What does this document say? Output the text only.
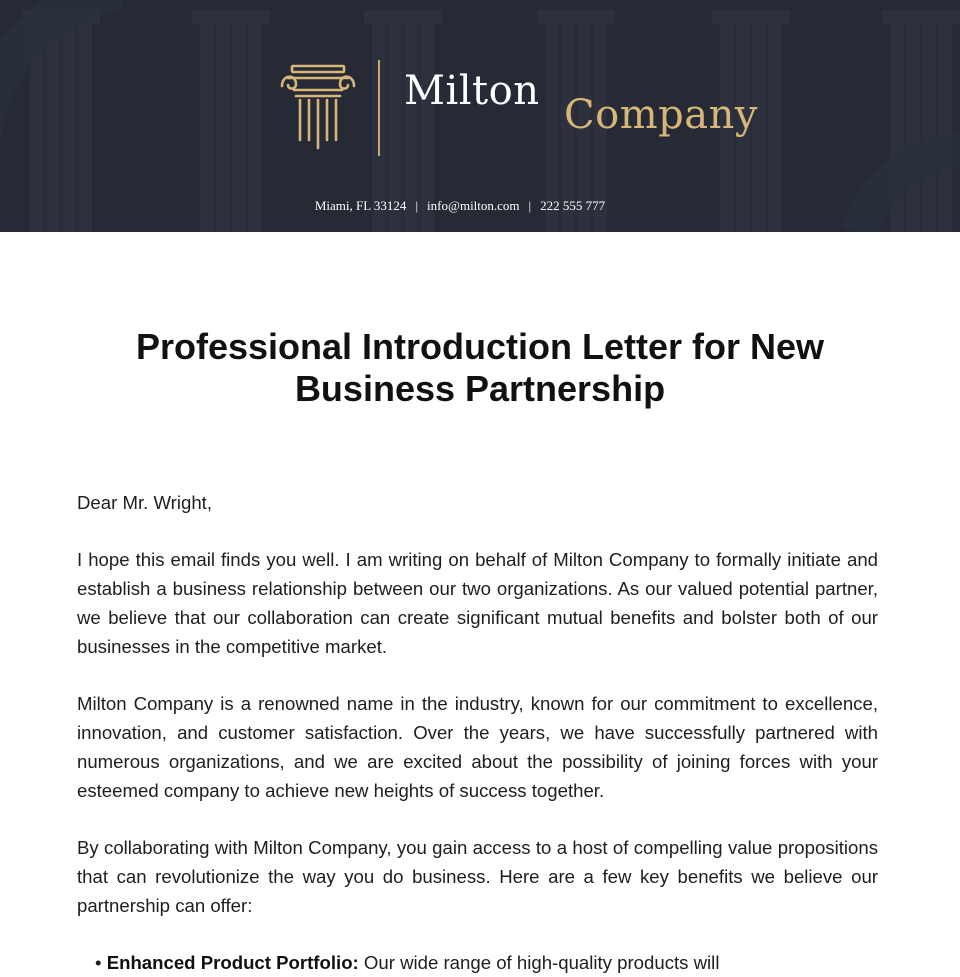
Milton
Company
Miami, FL 33124 | info@milton.com | 222 555 777
Professional Introduction Letter for New Business Partnership

Dear Mr. Wright,

I hope this email finds you well. I am writing on behalf of Milton Company to formally initiate and establish a business relationship between our two organizations. As our valued potential partner, we believe that our collaboration can create significant mutual benefits and bolster both of our businesses in the competitive market.

Milton Company is a renowned name in the industry, known for our commitment to excellence, innovation, and customer satisfaction. Over the years, we have successfully partnered with numerous organizations, and we are excited about the possibility of joining forces with your esteemed company to achieve new heights of success together.

By collaborating with Milton Company, you gain access to a host of compelling value propositions that can revolutionize the way you do business. Here are a few key benefits we believe our partnership can offer:

• Enhanced Product Portfolio: Our wide range of high-quality products will
